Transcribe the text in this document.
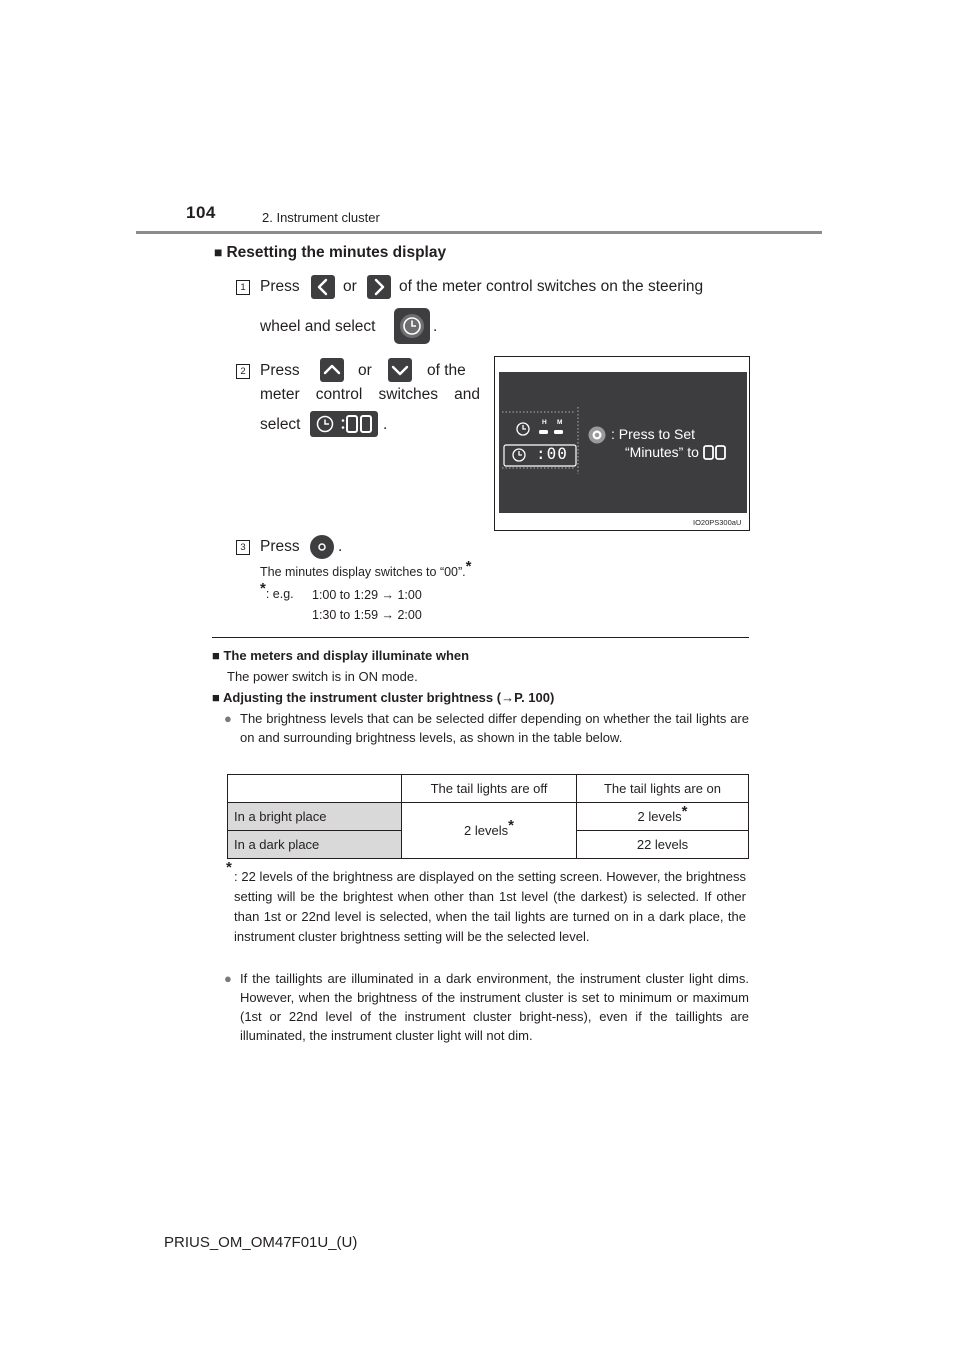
104	2. Instrument cluster
■ Resetting the minutes display
1 Press	or	of the meter control switches on the steering
wheel and select	.
2 Press	or	of the
meter control switches and
select	.	H M
:00
: Press to Set
“Minutes” to
IO20PS300aU
3 Press .
The minutes display switches to “00”.*
*: e.g. 1:00 to 1:29 → 1:00
1:30 to 1:59 → 2:00
■ The meters and display illuminate when
The power switch is in ON mode.
■ Adjusting the instrument cluster brightness (→P. 100)
● The brightness levels that can be selected differ depending on whether the tail lights are on and surrounding brightness levels, as shown in the table below.
	The tail lights are off	The tail lights are on
In a bright place	2 levels*	2 levels*
In a dark place		22 levels
*
: 22 levels of the brightness are displayed on the setting screen. However, the brightness setting will be the brightest when other than 1st level (the darkest) is selected. If other than 1st or 22nd level is selected, when the tail lights are turned on in a dark place, the instrument cluster brightness setting will be the selected level.
● If the taillights are illuminated in a dark environment, the instrument cluster light dims. However, when the brightness of the instrument cluster is set to minimum or maximum (1st or 22nd level of the instrument cluster bright-ness), even if the taillights are illuminated, the instrument cluster light will not dim.
PRIUS_OM_OM47F01U_(U)
